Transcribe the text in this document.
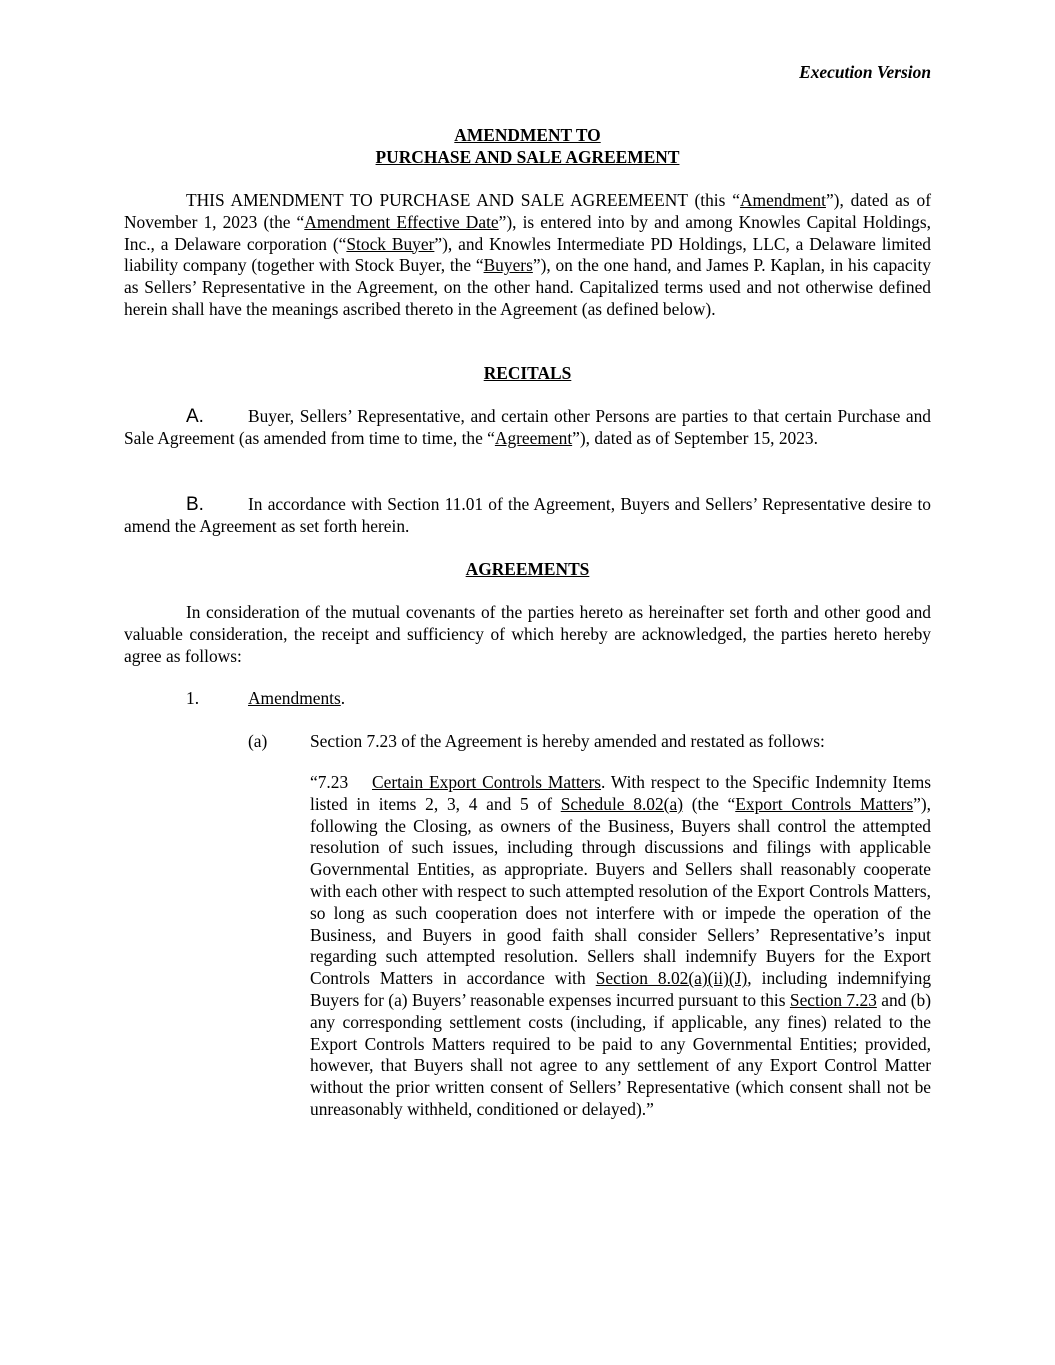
Execution Version
AMENDMENT TO
PURCHASE AND SALE AGREEMENT

THIS AMENDMENT TO PURCHASE AND SALE AGREEMEENT (this “Amendment”), dated as of November 1, 2023 (the “Amendment Effective Date”), is entered into by and among Knowles Capital Holdings, Inc., a Delaware corporation (“Stock Buyer”), and Knowles Intermediate PD Holdings, LLC, a Delaware limited liability company (together with Stock Buyer, the “Buyers”), on the one hand, and James P. Kaplan, in his capacity as Sellers’ Representative in the Agreement, on the other hand. Capitalized terms used and not otherwise defined herein shall have the meanings ascribed thereto in the Agreement (as defined below).

RECITALS

A.	Buyer, Sellers’ Representative, and certain other Persons are parties to that certain Purchase and Sale Agreement (as amended from time to time, the “Agreement”), dated as of September 15, 2023.

B.	In accordance with Section 11.01 of the Agreement, Buyers and Sellers’ Representative desire to amend the Agreement as set forth herein.

AGREEMENTS

In consideration of the mutual covenants of the parties hereto as hereinafter set forth and other good and valuable consideration, the receipt and sufficiency of which hereby are acknowledged, the parties hereto hereby agree as follows:

1.	Amendments.
(a) Section 7.23 of the Agreement is hereby amended and restated as follows:

“7.23 Certain Export Controls Matters. With respect to the Specific Indemnity Items listed in items 2, 3, 4 and 5 of Schedule 8.02(a) (the “Export Controls Matters”), following the Closing, as owners of the Business, Buyers shall control the attempted resolution of such issues, including through discussions and filings with applicable Governmental Entities, as appropriate. Buyers and Sellers shall reasonably cooperate with each other with respect to such attempted resolution of the Export Controls Matters, so long as such cooperation does not interfere with or impede the operation of the Business, and Buyers in good faith shall consider Sellers’ Representative’s input regarding such attempted resolution. Sellers shall indemnify Buyers for the Export Controls Matters in accordance with Section 8.02(a)(ii)(J), including indemnifying Buyers for (a) Buyers’ reasonable expenses incurred pursuant to this Section 7.23 and (b) any corresponding settlement costs (including, if applicable, any fines) related to the Export Controls Matters required to be paid to any Governmental Entities; provided, however, that Buyers shall not agree to any settlement of any Export Control Matter without the prior written consent of Sellers’ Representative (which consent shall not be unreasonably withheld, conditioned or delayed).”
